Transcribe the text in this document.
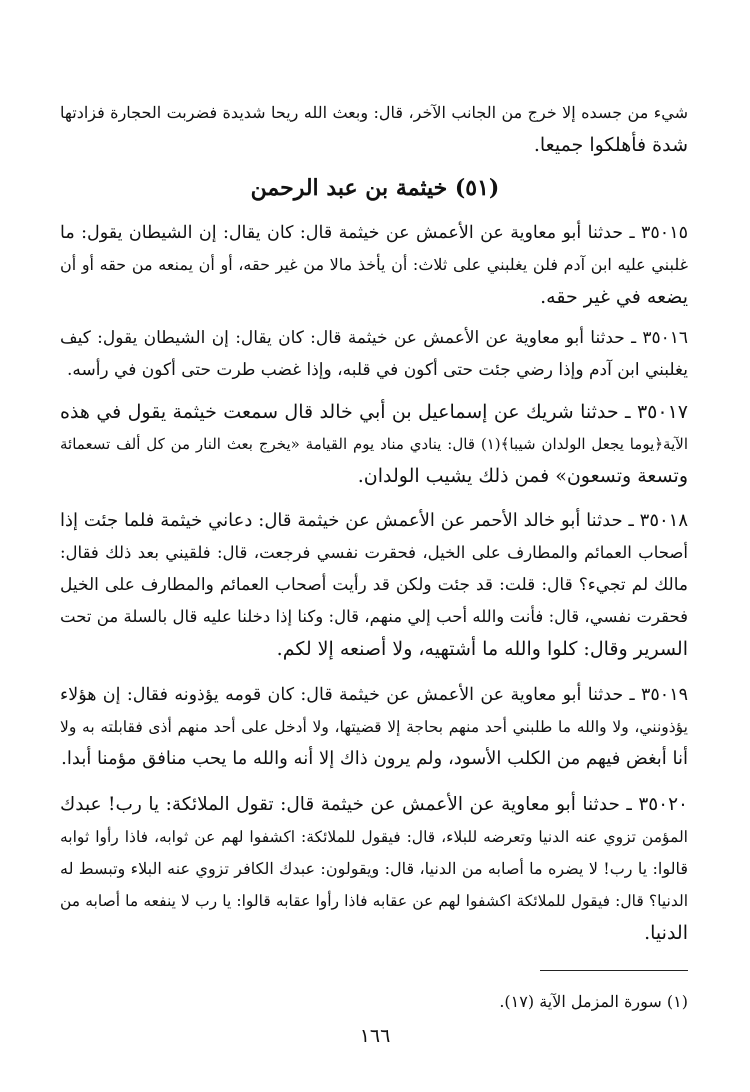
شيء من جسده إلا خرج من الجانب الآخر، قال: وبعث الله ريحا شديدة فضربت الحجارة فزادتها
شدة فأهلكوا جميعا.
(٥١) خيثمة بن عبد الرحمن
٣٥٠١٥ ـ حدثنا أبو معاوية عن الأعمش عن خيثمة قال: كان يقال: إن الشيطان يقول: ما
غلبني عليه ابن آدم فلن يغلبني على ثلاث: أن يأخذ مالا من غير حقه، أو أن يمنعه من حقه أو أن
يضعه في غير حقه.
٣٥٠١٦ ـ حدثنا أبو معاوية عن الأعمش عن خيثمة قال: كان يقال: إن الشيطان يقول: كيف
يغلبني ابن آدم وإذا رضي جئت حتى أكون في قلبه، وإذا غضب طرت حتى أكون في رأسه.
٣٥٠١٧ ـ حدثنا شريك عن إسماعيل بن أبي خالد قال سمعت خيثمة يقول في هذه
الآية﴿يوما يجعل الولدان شيبا﴾(١) قال: ينادي مناد يوم القيامة «يخرج بعث النار من كل ألف تسعمائة
وتسعة وتسعون» فمن ذلك يشيب الولدان.
٣٥٠١٨ ـ حدثنا أبو خالد الأحمر عن الأعمش عن خيثمة قال: دعاني خيثمة فلما جئت إذا
أصحاب العمائم والمطارف على الخيل، فحقرت نفسي فرجعت، قال: فلقيني بعد ذلك فقال:
مالك لم تجيء؟ قال: قلت: قد جئت ولكن قد رأيت أصحاب العمائم والمطارف على الخيل
فحقرت نفسي، قال: فأنت والله أحب إلي منهم، قال: وكنا إذا دخلنا عليه قال بالسلة من تحت
السرير وقال: كلوا والله ما أشتهيه، ولا أصنعه إلا لكم.
٣٥٠١٩ ـ حدثنا أبو معاوية عن الأعمش عن خيثمة قال: كان قومه يؤذونه فقال: إن هؤلاء
يؤذونني، ولا والله ما طلبني أحد منهم بحاجة إلا قضيتها، ولا أدخل على أحد منهم أذى فقابلته به ولا
أنا أبغض فيهم من الكلب الأسود، ولم يرون ذاك إلا أنه والله ما يحب منافق مؤمنا أبدا.
٣٥٠٢٠ ـ حدثنا أبو معاوية عن الأعمش عن خيثمة قال: تقول الملائكة: يا رب! عبدك
المؤمن تزوي عنه الدنيا وتعرضه للبلاء، قال: فيقول للملائكة: اكشفوا لهم عن ثوابه، فاذا رأوا ثوابه
قالوا: يا رب! لا يضره ما أصابه من الدنيا، قال: ويقولون: عبدك الكافر تزوي عنه البلاء وتبسط له
الدنيا؟ قال: فيقول للملائكة اكشفوا لهم عن عقابه فاذا رأوا عقابه قالوا: يا رب لا ينفعه ما أصابه من
الدنيا.
(١) سورة المزمل الآية (١٧).
١٦٦
